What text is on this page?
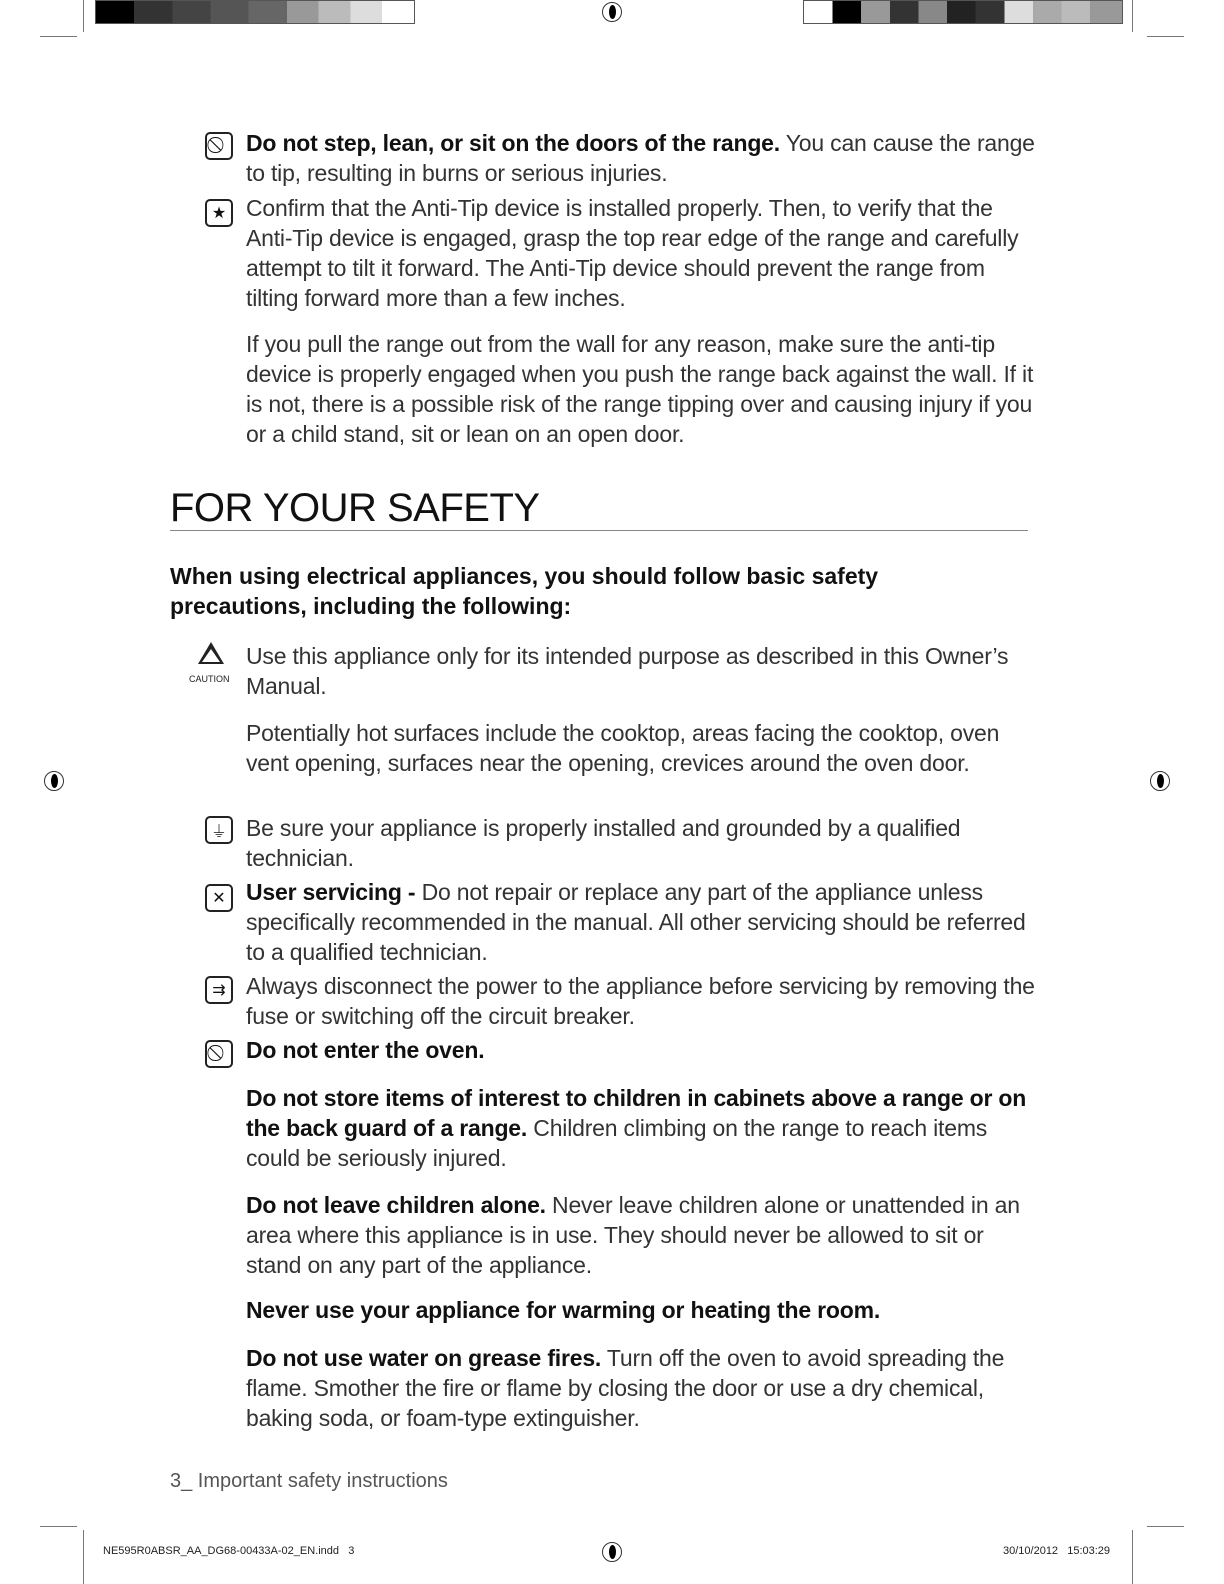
Do not step, lean, or sit on the doors of the range. You can cause the range to tip, resulting in burns or serious injuries.
★ Confirm that the Anti-Tip device is installed properly. Then, to verify that the Anti-Tip device is engaged, grasp the top rear edge of the range and carefully attempt to tilt it forward. The Anti-Tip device should prevent the range from tilting forward more than a few inches.
If you pull the range out from the wall for any reason, make sure the anti-tip device is properly engaged when you push the range back against the wall. If it is not, there is a possible risk of the range tipping over and causing injury if you or a child stand, sit or lean on an open door.
FOR YOUR SAFETY
When using electrical appliances, you should follow basic safety precautions, including the following:
CAUTION
Use this appliance only for its intended purpose as described in this Owner’s Manual.
Potentially hot surfaces include the cooktop, areas facing the cooktop, oven vent opening, surfaces near the opening, crevices around the oven door.
⏚ Be sure your appliance is properly installed and grounded by a qualified technician.
✕ User servicing - Do not repair or replace any part of the appliance unless specifically recommended in the manual. All other servicing should be referred to a qualified technician.
⇉ Always disconnect the power to the appliance before servicing by removing the fuse or switching off the circuit breaker.
Do not enter the oven.
Do not store items of interest to children in cabinets above a range or on the back guard of a range. Children climbing on the range to reach items could be seriously injured.
Do not leave children alone. Never leave children alone or unattended in an area where this appliance is in use. They should never be allowed to sit or stand on any part of the appliance.
Never use your appliance for warming or heating the room.
Do not use water on grease fires. Turn off the oven to avoid spreading the flame. Smother the fire or flame by closing the door or use a dry chemical, baking soda, or foam-type extinguisher.
3_ Important safety instructions
NE595R0ABSR_AA_DG68-00433A-02_EN.indd   3	30/10/2012   15:03:29
